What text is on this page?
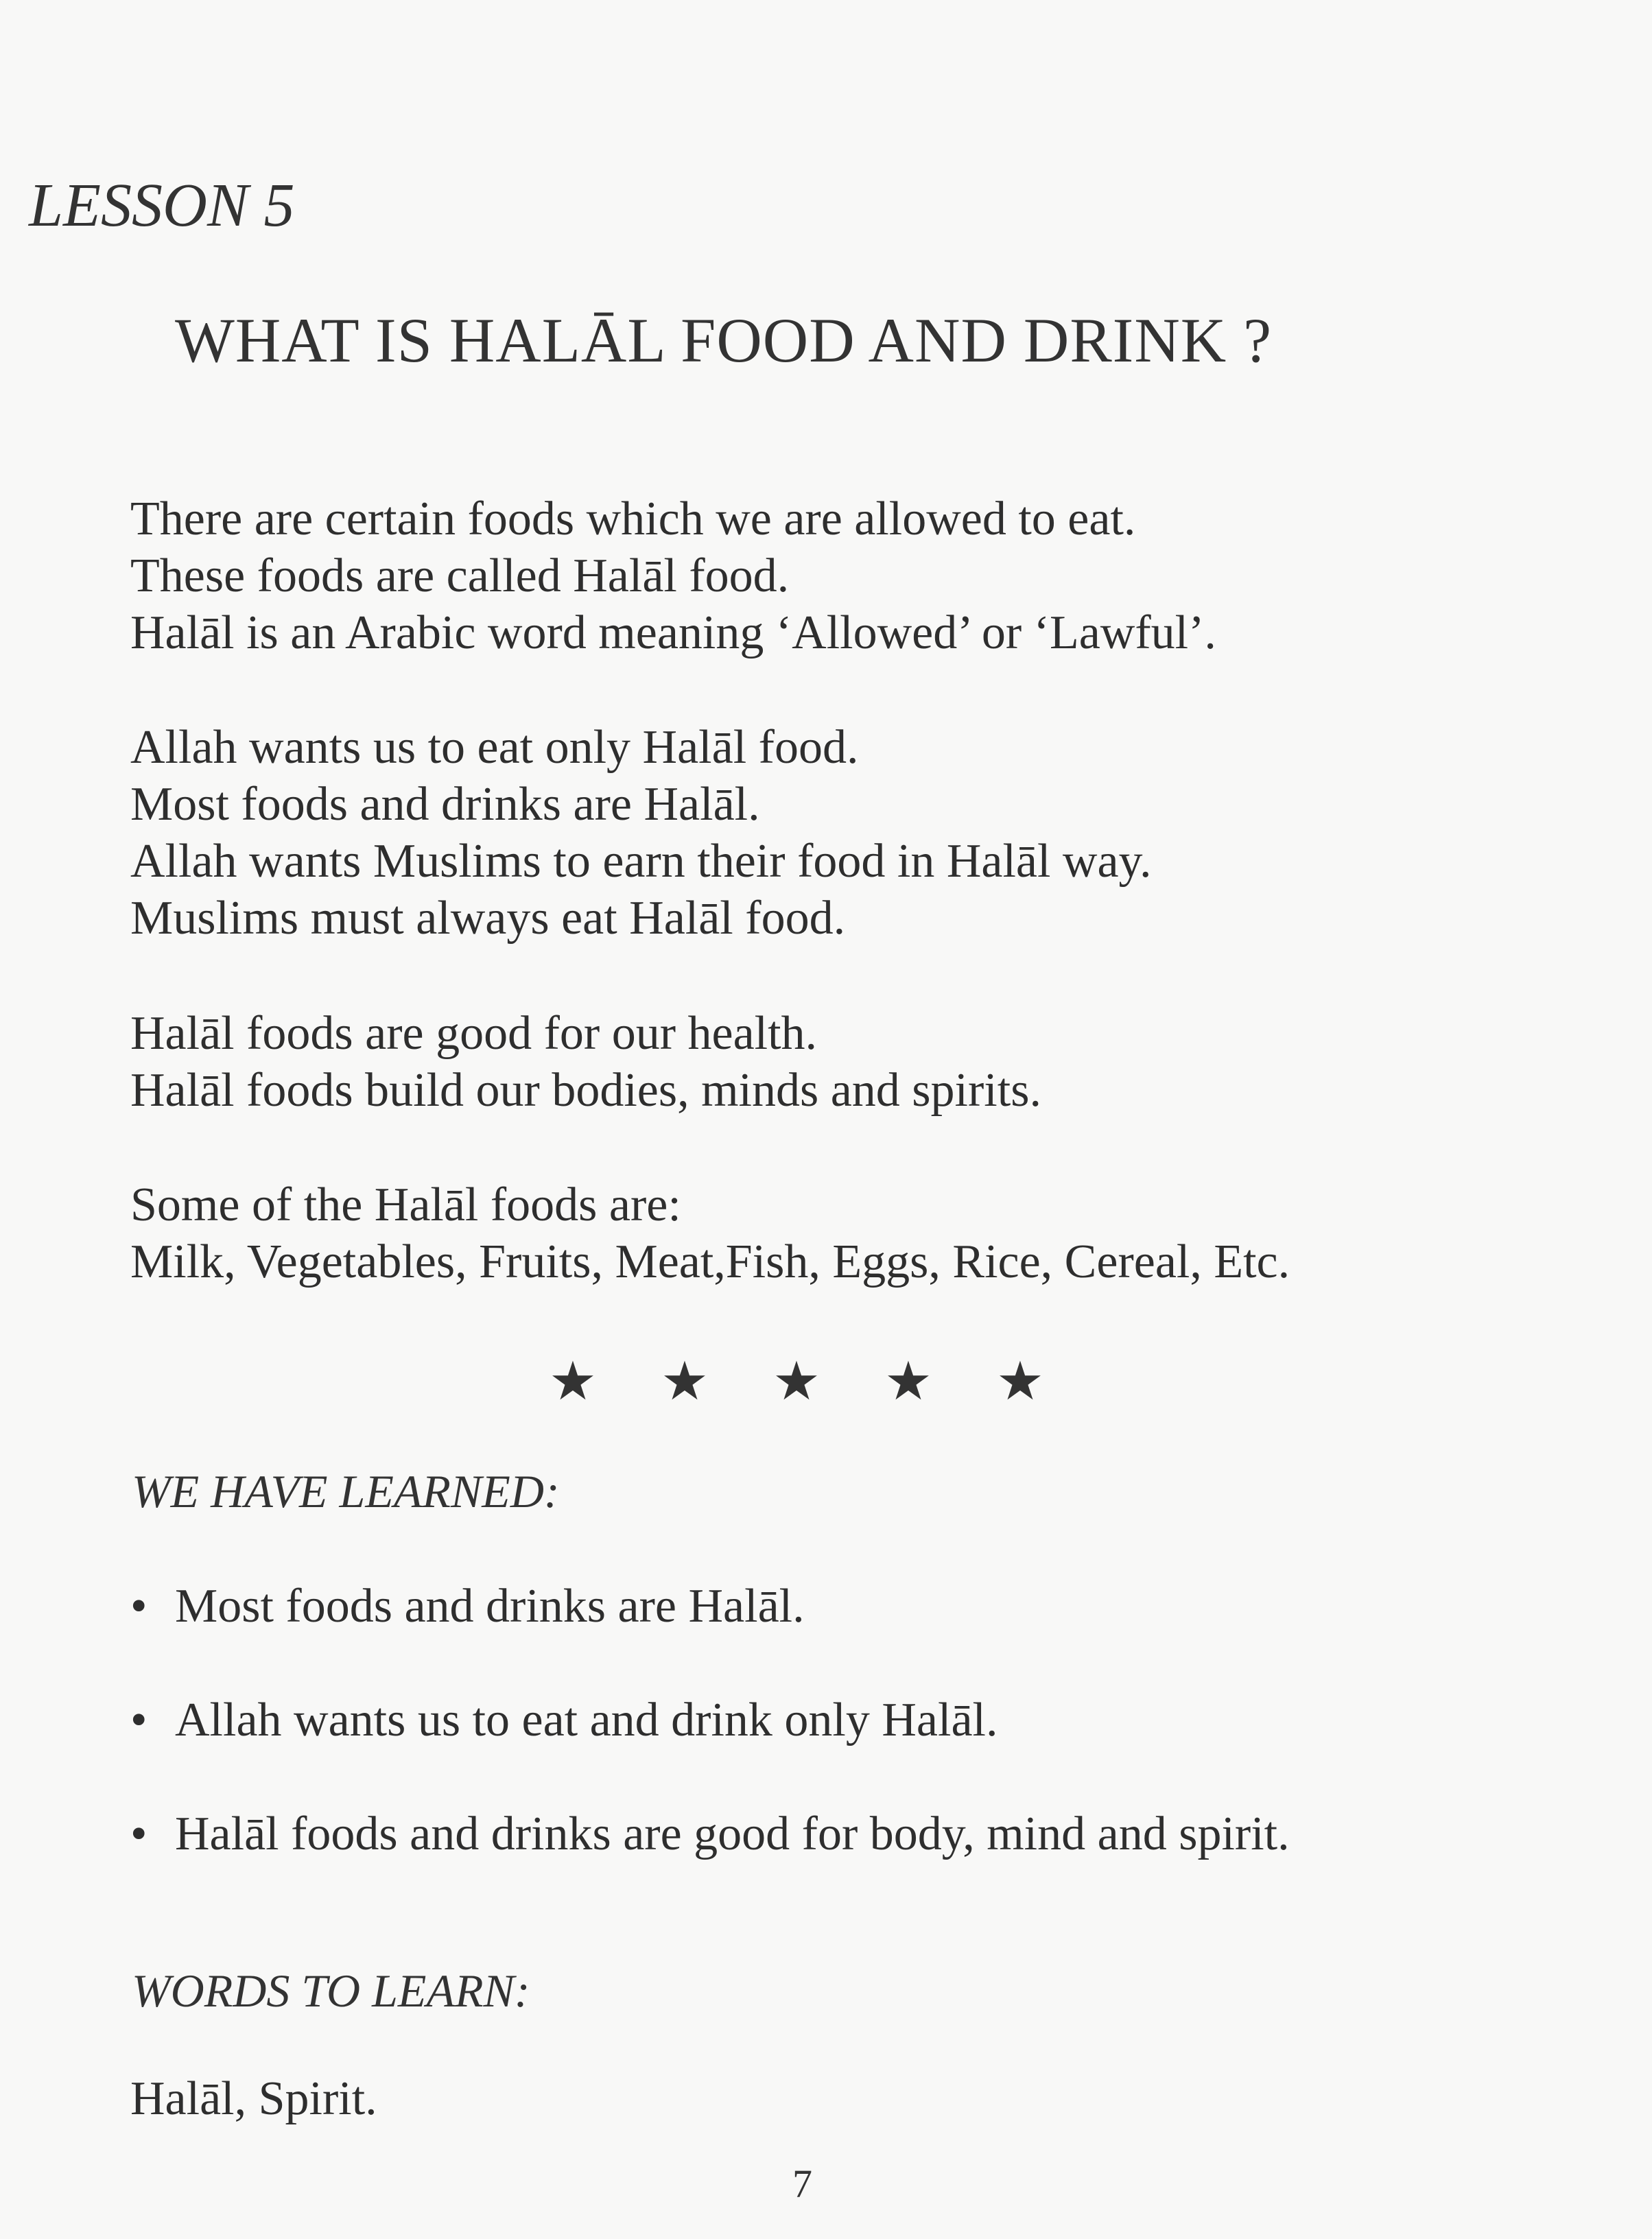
LESSON 5
WHAT IS HALĀL FOOD AND DRINK ?
There are certain foods which we are allowed to eat.
These foods are called Halāl food.
Halāl is an Arabic word meaning ‘Allowed’ or ‘Lawful’.
Allah wants us to eat only Halāl food.
Most foods and drinks are Halāl.
Allah wants Muslims to earn their food in Halāl way.
Muslims must always eat Halāl food.
Halāl foods are good for our health.
Halāl foods build our bodies, minds and spirits.
Some of the Halāl foods are:
Milk, Vegetables, Fruits, Meat,Fish, Eggs, Rice, Cereal, Etc.
★ ★ ★ ★ ★
WE HAVE LEARNED:
• Most foods and drinks are Halāl.
• Allah wants us to eat and drink only Halāl.
• Halāl foods and drinks are good for body, mind and spirit.
WORDS TO LEARN:
Halāl, Spirit.
7
